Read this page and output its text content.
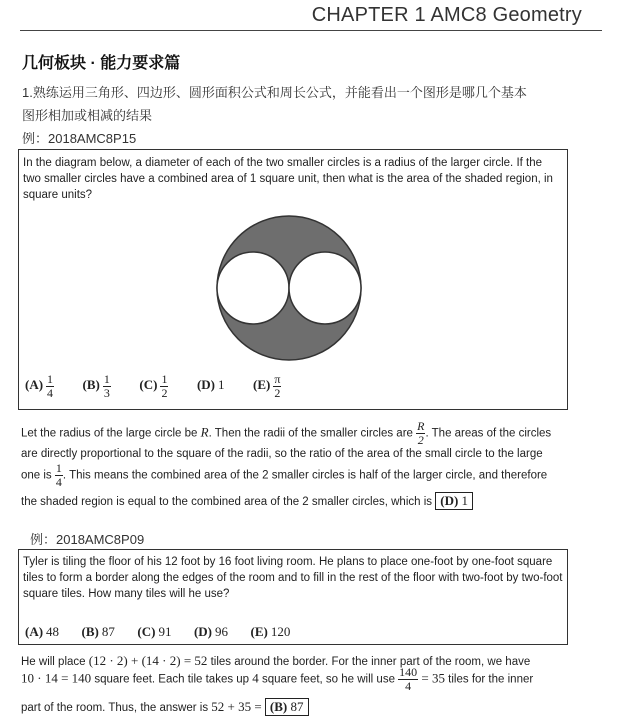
CHAPTER 1 AMC8 Geometry
几何板块 · 能力要求篇
1.熟练运用三角形、四边形、圆形面积公式和周长公式，并能看出一个图形是哪几个基本
图形相加或相减的结果
例：2018AMC8P15
In the diagram below, a diameter of each of the two smaller circles is a radius of the larger circle. If the two smaller circles have a combined area of 1 square unit, then what is the area of the shaded region, in square units?
$(A) \frac{1}{4} (B) \frac{1}{3} (C) \frac{1}{2} (D)$ 1 $(E) \frac{\pi}{2}$
Let the radius of the large circle be R. Then the radii of the smaller circles are $\frac{R}{2}$ . The areas of the circles
are directly proportional to the square of the radii, so the ratio of the area of the small circle to the large
one is $\frac{1}{4}$ . This means the combined area of the 2 smaller circles is half of the larger circle, and therefore
the shaded region is equal to the combined area of the 2 smaller circles, which is (D) 1
例：2018AMC8P09
Tyler is tiling the floor of his 12 foot by 16 foot living room. He plans to place one-foot by one-foot square tiles to form a border along the edges of the room and to fill in the rest of the floor with two-foot by two-foot square tiles. How many tiles will he use?
(A) 48 (B) 87 (C) 91 (D) 96 (E) 120
He will place (12 · 2) + (14 · 2) = 52 tiles around the border. For the inner part of the room, we have
10 · 14 = 140 square feet. Each tile takes up 4 square feet, so he will use $\frac{140}{4} = 35$ tiles for the inner
part of the room. Thus, the answer is 52 + 35 = (B) 87
